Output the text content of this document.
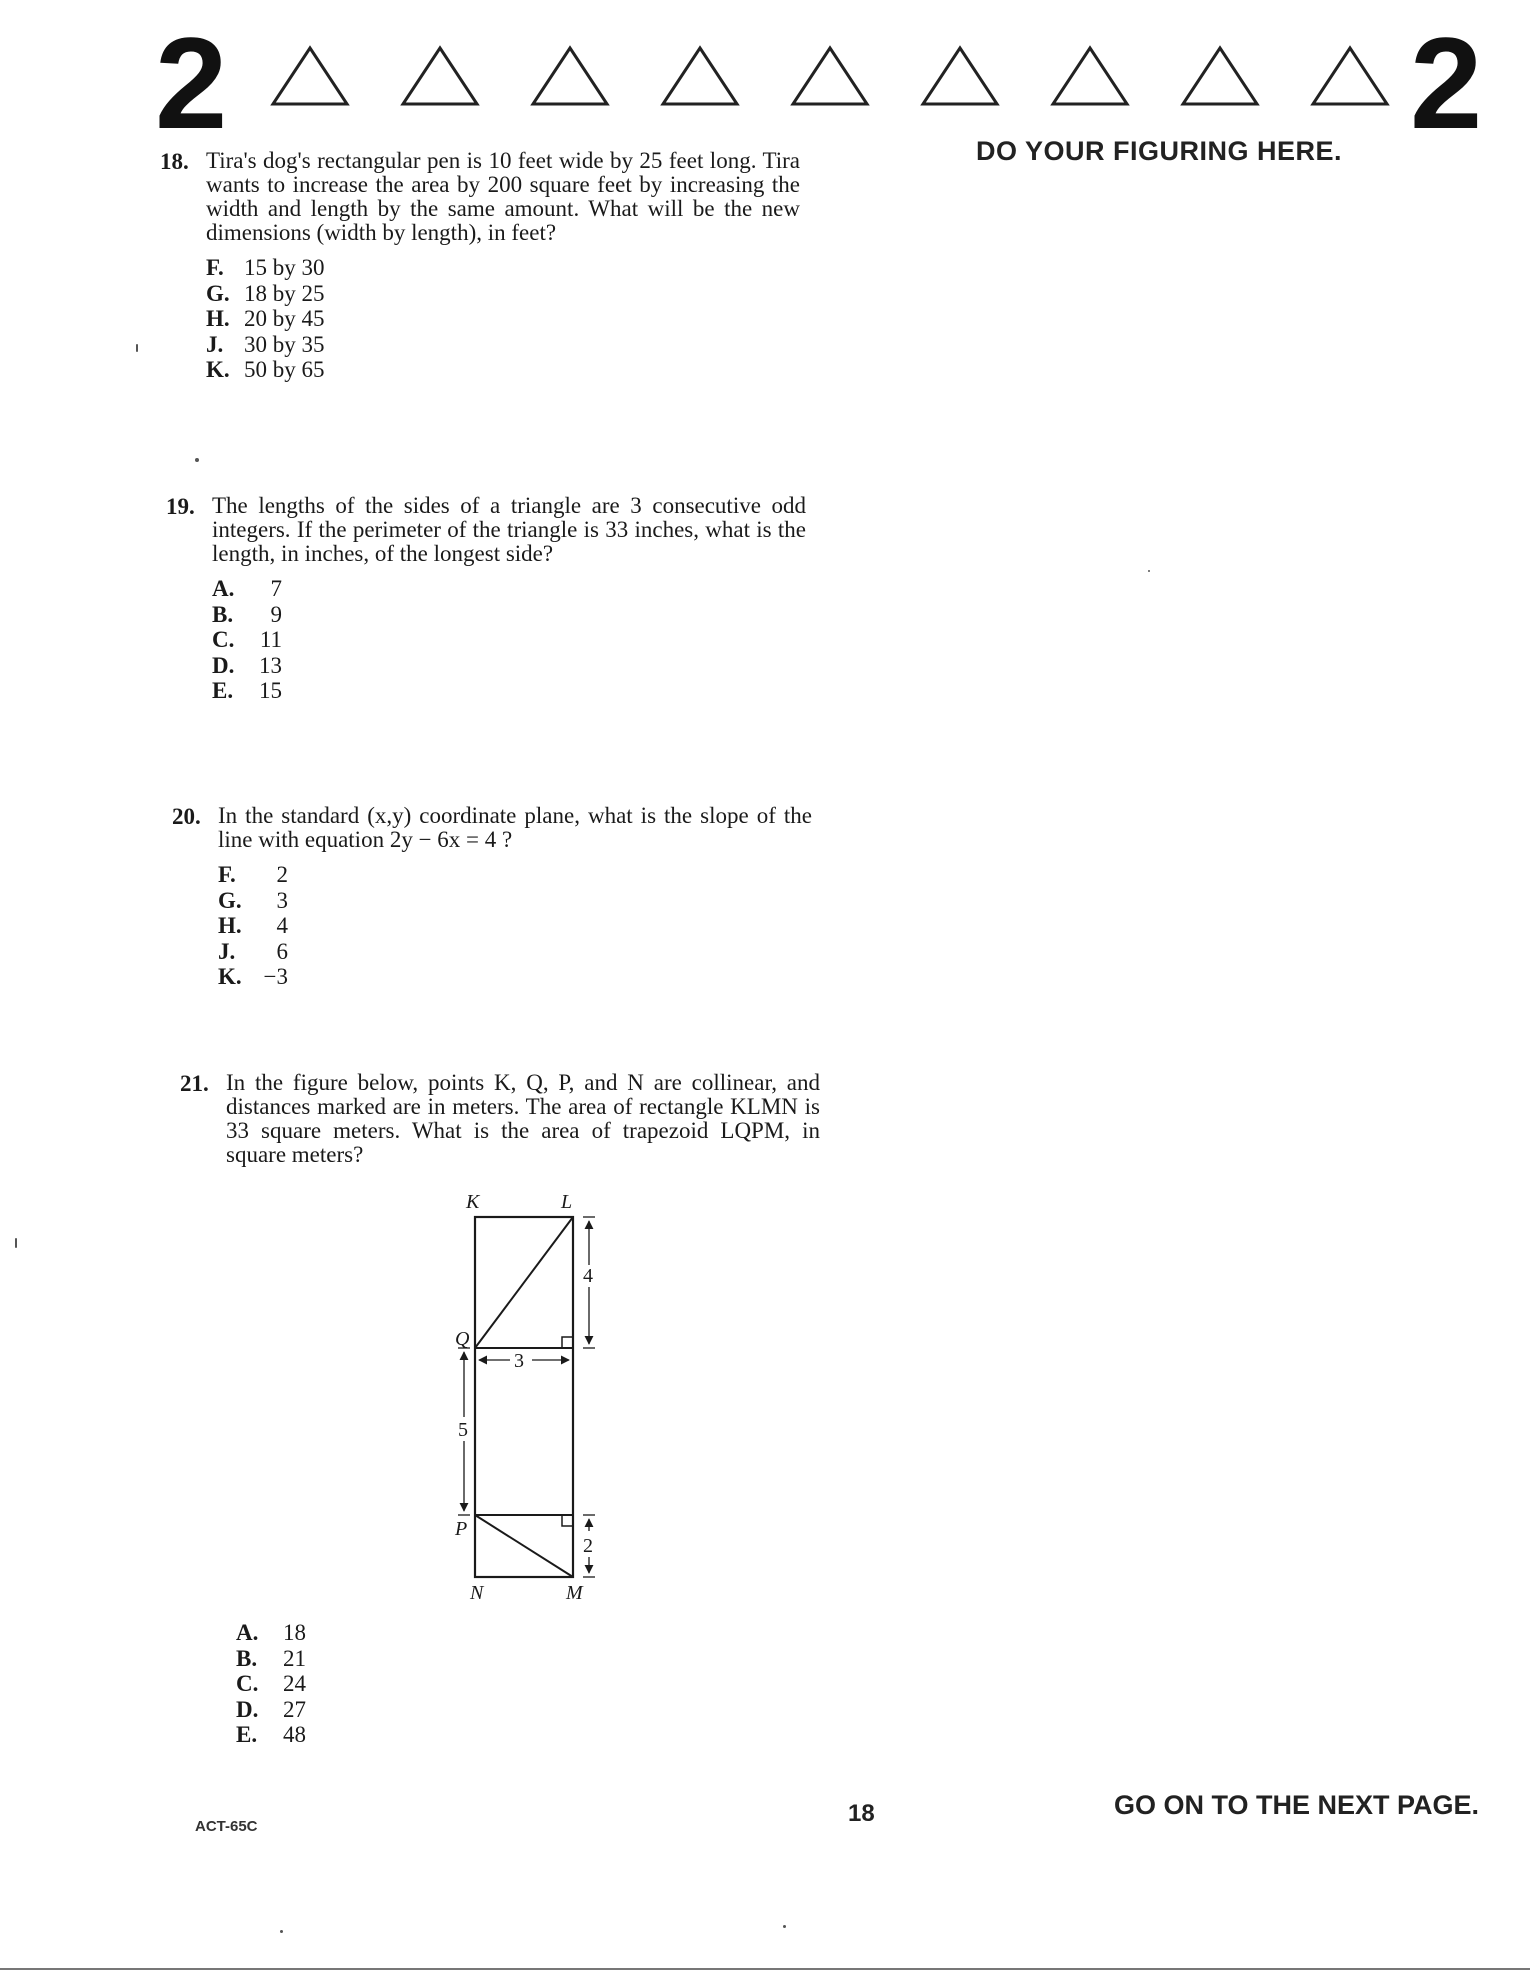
2	2
DO YOUR FIGURING HERE.
18. Tira's dog's rectangular pen is 10 feet wide by 25 feet long. Tira wants to increase the area by 200 square feet by increasing the width and length by the same amount. What will be the new dimensions (width by length), in feet?
F. 15 by 30
G. 18 by 25
H. 20 by 45
J. 30 by 35
K. 50 by 65
19. The lengths of the sides of a triangle are 3 consecutive odd integers. If the perimeter of the triangle is 33 inches, what is the length, in inches, of the longest side?
A.	7
B.	9
C.	11
D.	13
E.	15
20. In the standard (x,y) coordinate plane, what is the slope of the line with equation 2y − 6x = 4 ?
F.	2
G.	3
H.	4
J.	6
K. −3
21. In the figure below, points K, Q, P, and N are collinear, and distances marked are in meters. The area of rectangle KLMN is 33 square meters. What is the area of trapezoid LQPM, in square meters?
4
3
5
2
K	L
Q
P
N	M
A.	18
B.	21
C.	24
D.	27
E.	48
ACT-65C	18	GO ON TO THE NEXT PAGE.
